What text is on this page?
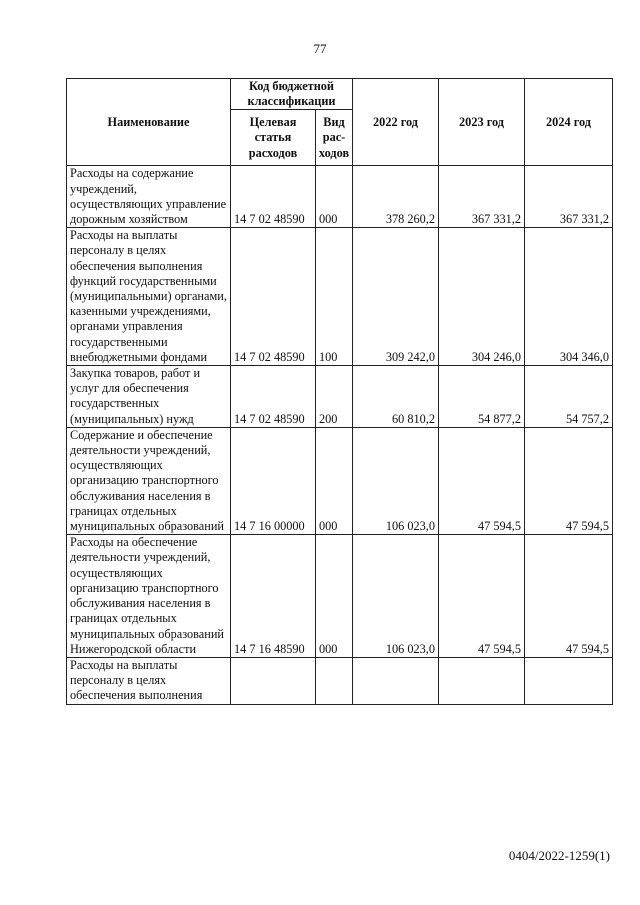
77
Наименование	Код бюджетной классификации		2022 год	2023 год	2024 год
	Целевая статья расходов	Вид рас-ходов			
Расходы на содержание учреждений, осуществляющих управление дорожным хозяйством	14 7 02 48590	000	378 260,2	367 331,2	367 331,2
Расходы на выплаты персоналу в целях обеспечения выполнения функций государственными (муниципальными) органами, казенными учреждениями, органами управления государственными внебюджетными фондами	14 7 02 48590	100	309 242,0	304 246,0	304 346,0
Закупка товаров, работ и услуг для обеспечения государственных (муниципальных) нужд	14 7 02 48590	200	60 810,2	54 877,2	54 757,2
Содержание и обеспечение деятельности учреждений, осуществляющих организацию транспортного обслуживания населения в границах отдельных муниципальных образований	14 7 16 00000	000	106 023,0	47 594,5	47 594,5
Расходы на обеспечение деятельности учреждений, осуществляющих организацию транспортного обслуживания населения в границах отдельных муниципальных образований Нижегородской области	14 7 16 48590	000	106 023,0	47 594,5	47 594,5
Расходы на выплаты персоналу в целях обеспечения выполнения					
0404/2022-1259(1)
